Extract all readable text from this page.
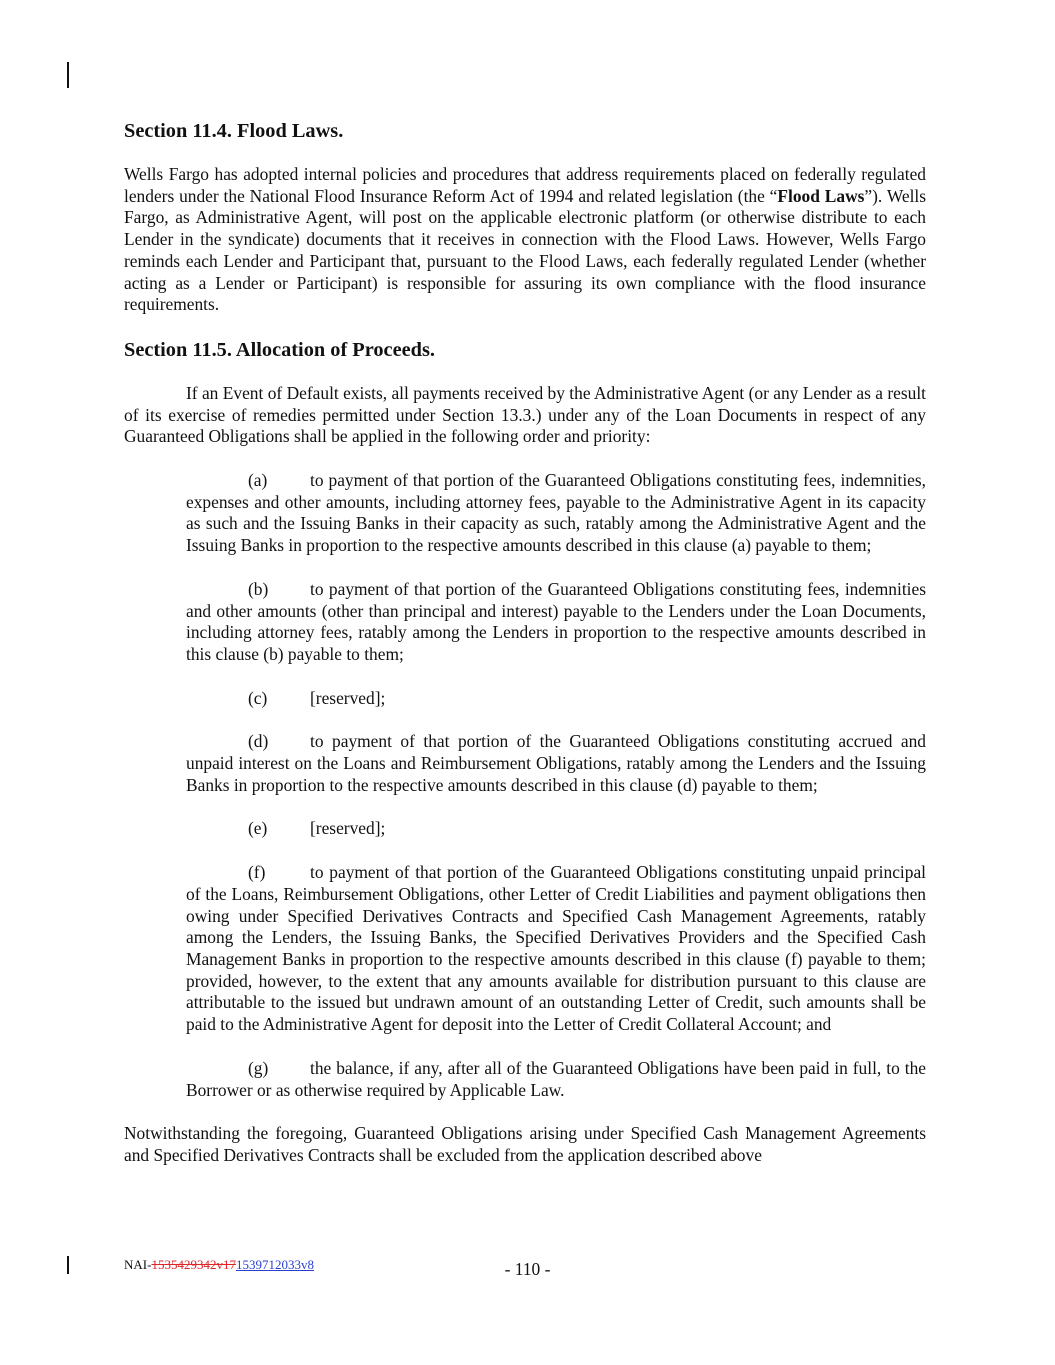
Section 11.4. Flood Laws.

Wells Fargo has adopted internal policies and procedures that address requirements placed on federally regulated lenders under the National Flood Insurance Reform Act of 1994 and related legislation (the “Flood Laws”). Wells Fargo, as Administrative Agent, will post on the applicable electronic platform (or otherwise distribute to each Lender in the syndicate) documents that it receives in connection with the Flood Laws. However, Wells Fargo reminds each Lender and Participant that, pursuant to the Flood Laws, each federally regulated Lender (whether acting as a Lender or Participant) is responsible for assuring its own compliance with the flood insurance requirements.

Section 11.5. Allocation of Proceeds.

If an Event of Default exists, all payments received by the Administrative Agent (or any Lender as a result of its exercise of remedies permitted under Section 13.3.) under any of the Loan Documents in respect of any Guaranteed Obligations shall be applied in the following order and priority:

(a) to payment of that portion of the Guaranteed Obligations constituting fees, indemnities, expenses and other amounts, including attorney fees, payable to the Administrative Agent in its capacity as such and the Issuing Banks in their capacity as such, ratably among the Administrative Agent and the Issuing Banks in proportion to the respective amounts described in this clause (a) payable to them;

(b) to payment of that portion of the Guaranteed Obligations constituting fees, indemnities and other amounts (other than principal and interest) payable to the Lenders under the Loan Documents, including attorney fees, ratably among the Lenders in proportion to the respective amounts described in this clause (b) payable to them;

(c) [reserved];

(d) to payment of that portion of the Guaranteed Obligations constituting accrued and unpaid interest on the Loans and Reimbursement Obligations, ratably among the Lenders and the Issuing Banks in proportion to the respective amounts described in this clause (d) payable to them;

(e) [reserved];

(f)	to payment of that portion of the Guaranteed Obligations constituting unpaid principal of the Loans, Reimbursement Obligations, other Letter of Credit Liabilities and payment obligations then owing under Specified Derivatives Contracts and Specified Cash Management Agreements, ratably among the Lenders, the Issuing Banks, the Specified Derivatives Providers and the Specified Cash Management Banks in proportion to the respective amounts described in this clause (f) payable to them; provided, however, to the extent that any amounts available for distribution pursuant to this clause are attributable to the issued but undrawn amount of an outstanding Letter of Credit, such amounts shall be paid to the Administrative Agent for deposit into the Letter of Credit Collateral Account; and

(g) the balance, if any, after all of the Guaranteed Obligations have been paid in full, to the Borrower or as otherwise required by Applicable Law.

Notwithstanding the foregoing, Guaranteed Obligations arising under Specified Cash Management Agreements and Specified Derivatives Contracts shall be excluded from the application described above

NAI-1535429342v171539712033v8	- 110 -
